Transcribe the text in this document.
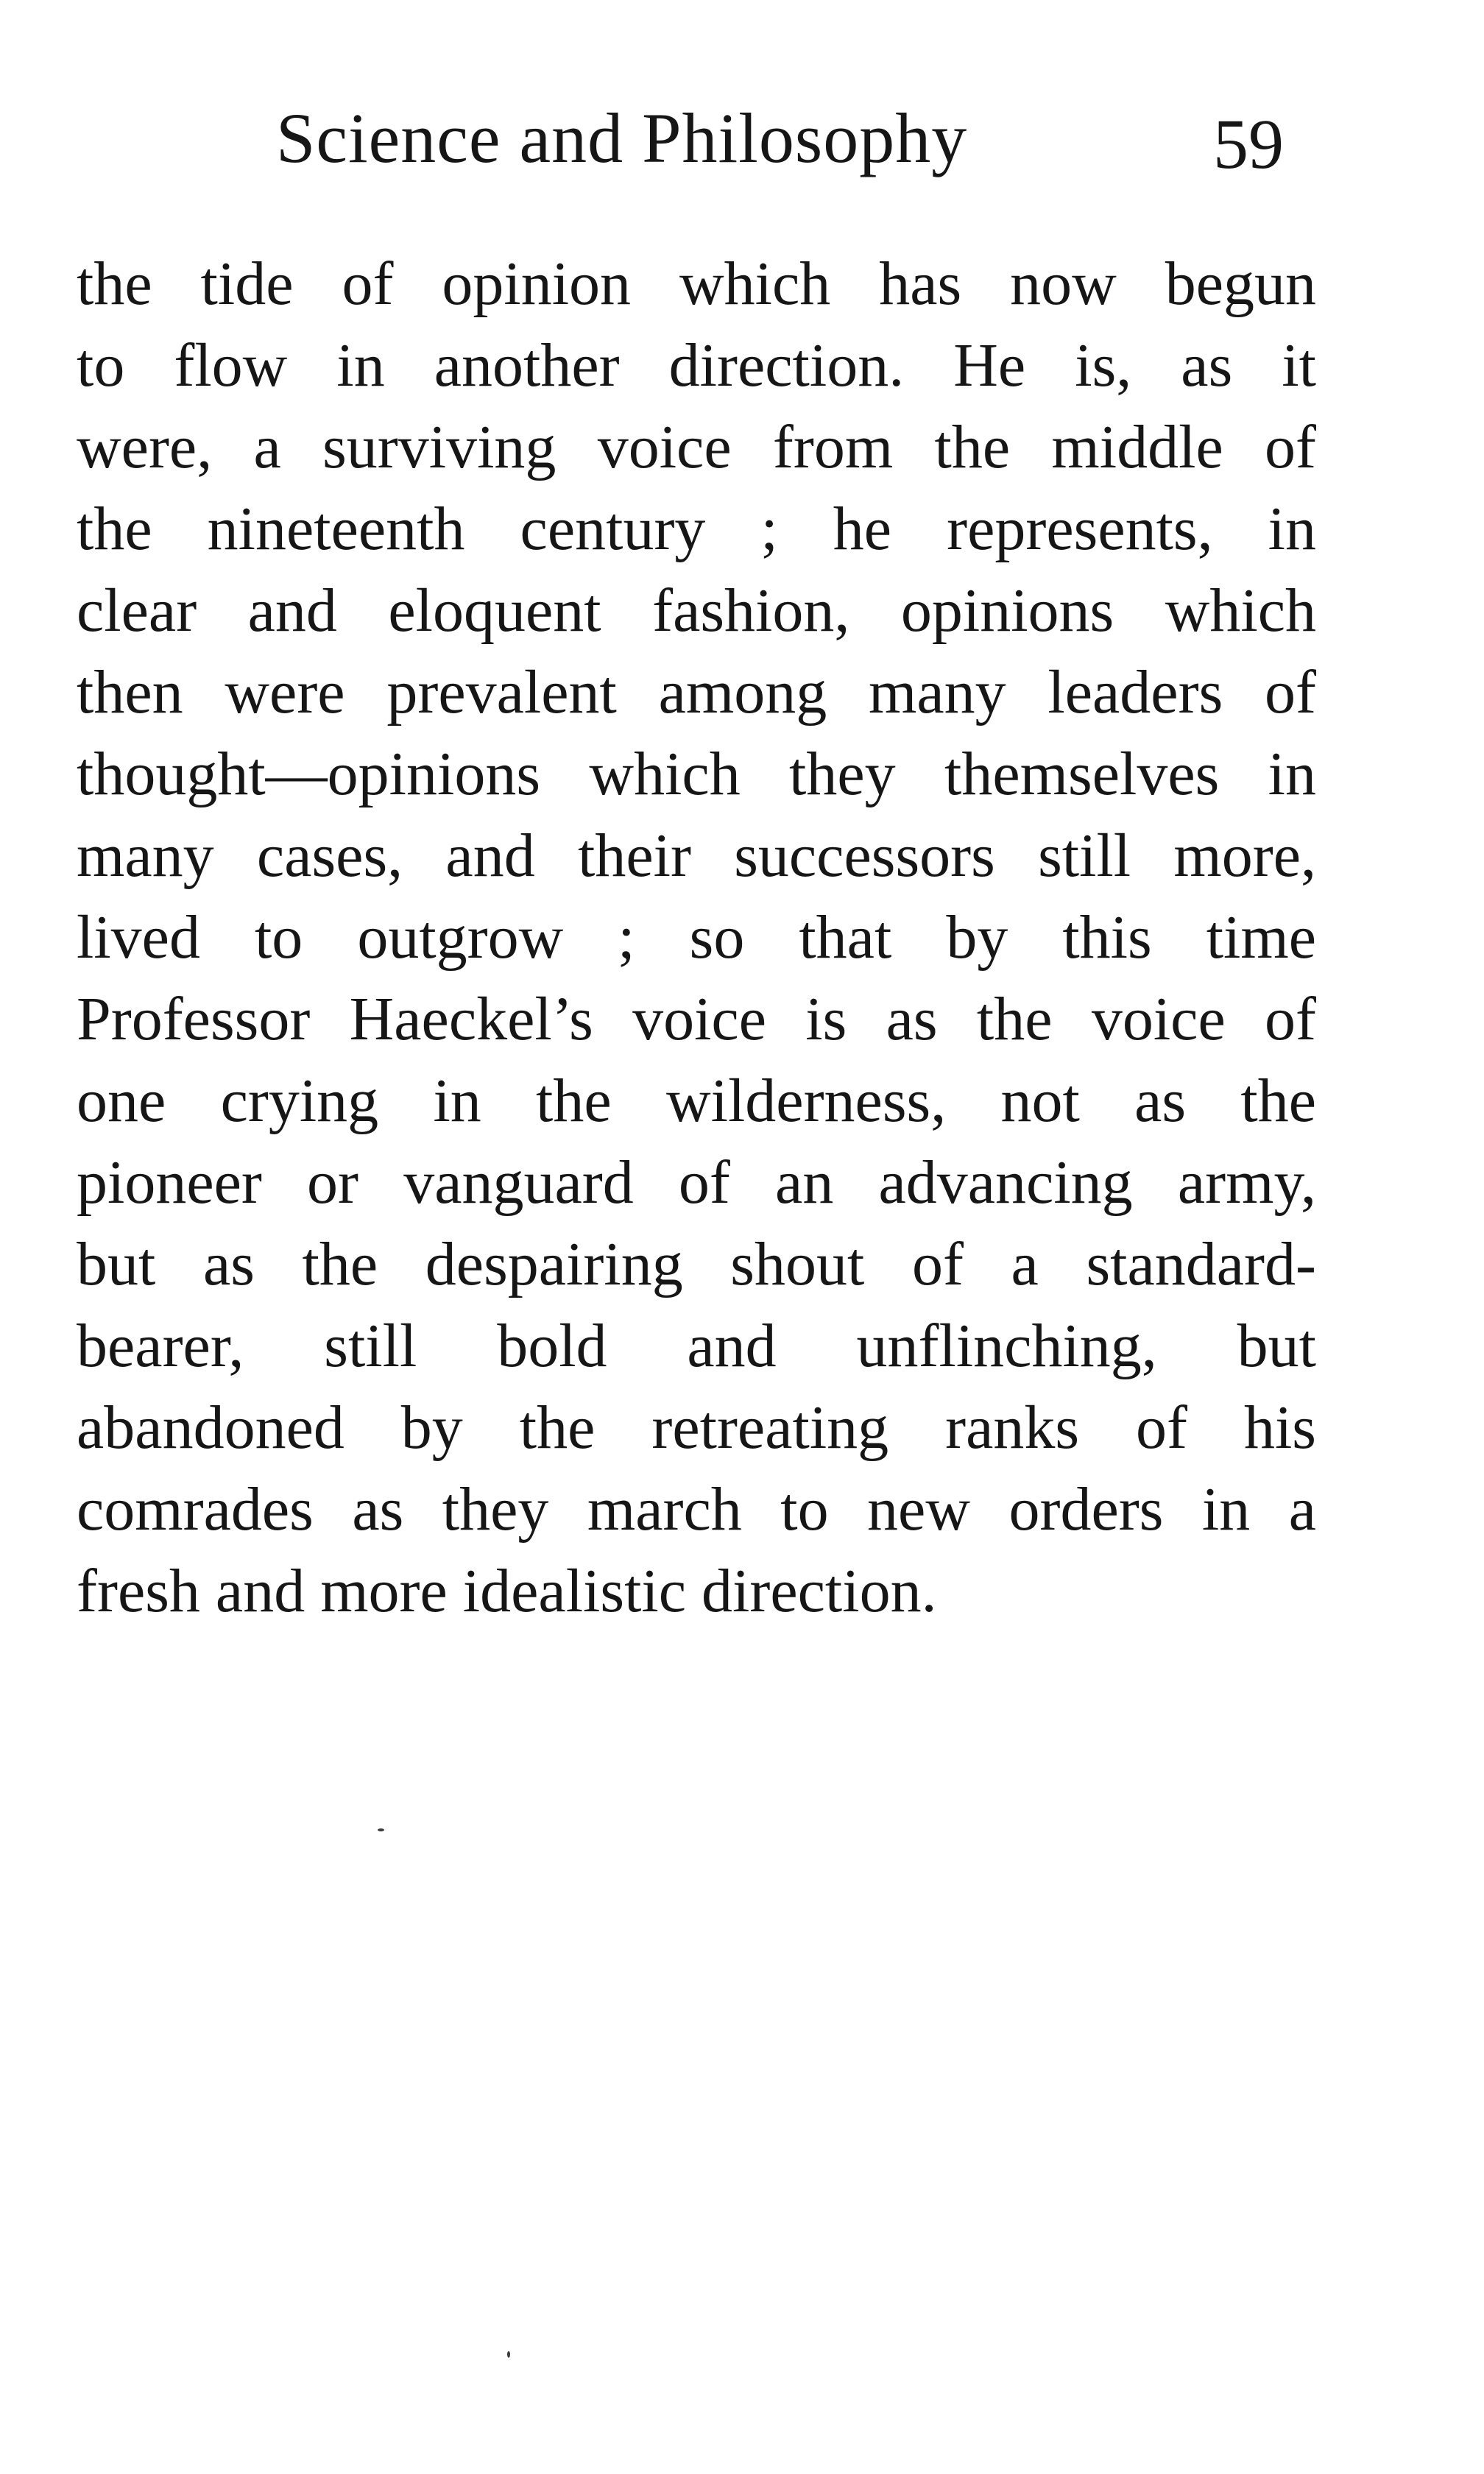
Science and Philosophy	59
the tide of opinion which has now begun
to flow in another direction. He is, as it
were, a surviving voice from the middle of
the nineteenth century ; he represents, in
clear and eloquent fashion, opinions which
then were prevalent among many leaders of
thought—opinions which they themselves in
many cases, and their successors still more,
lived to outgrow ; so that by this time
Professor Haeckel’s voice is as the voice of
one crying in the wilderness, not as the
pioneer or vanguard of an advancing army,
but as the despairing shout of a standard-
bearer, still bold and unflinching, but
abandoned by the retreating ranks of his
comrades as they march to new orders in a
fresh and more idealistic direction.
